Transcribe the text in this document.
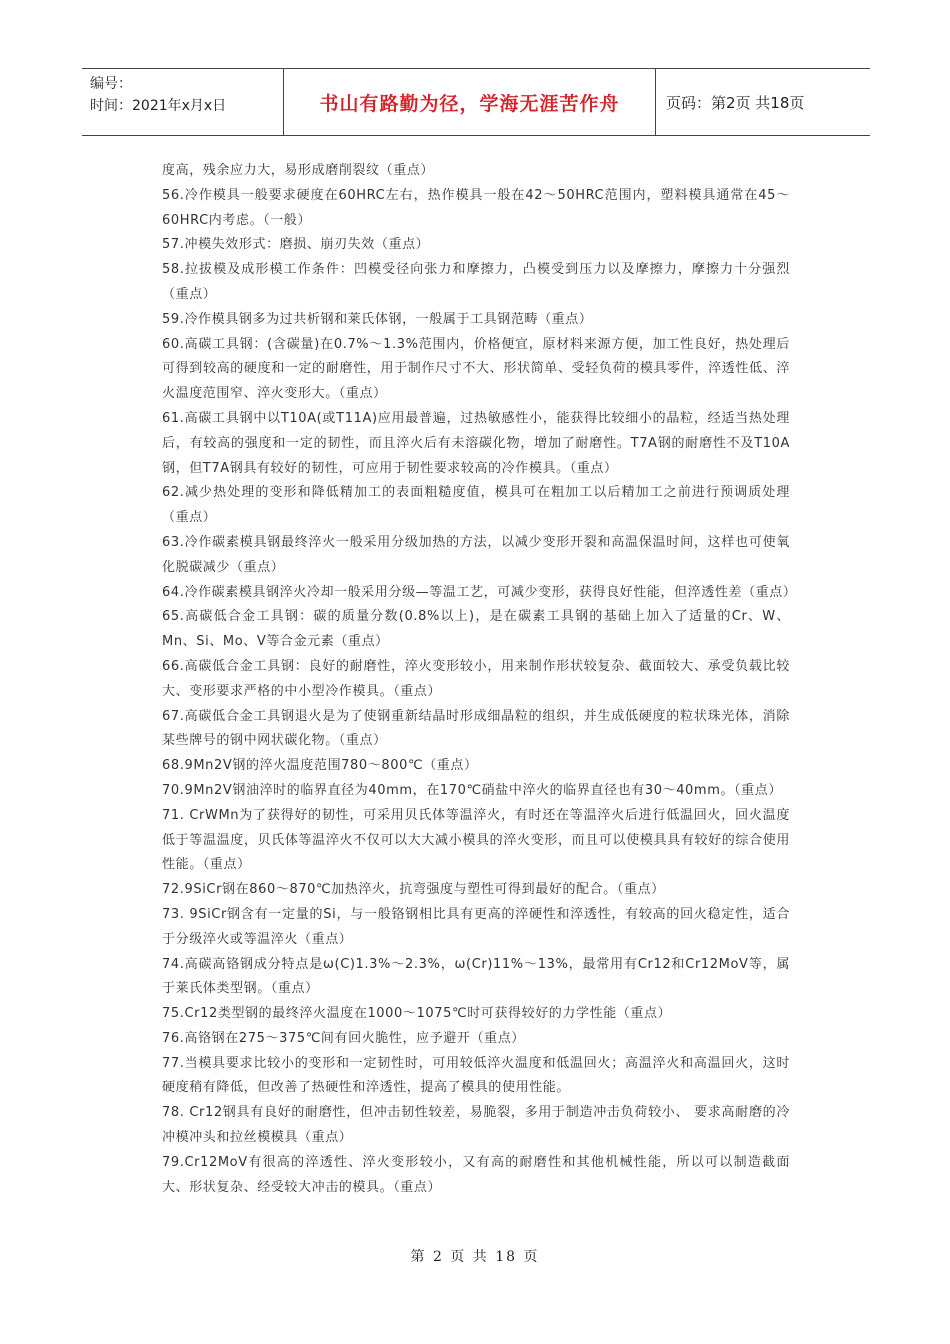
编号：
时间：2021年x月x日	书山有路勤为径，学海无涯苦作舟	页码：第2页 共18页

度高，残余应力大，易形成磨削裂纹（重点）

56.冷作模具一般要求硬度在60HRC左右，热作模具一般在42～50HRC范围内，塑料模具通常在45～60HRC内考虑。（一般）

57.冲模失效形式：磨损、崩刃失效（重点）

58.拉拔模及成形模工作条件：凹模受径向张力和摩擦力，凸模受到压力以及摩擦力，摩擦力十分强烈（重点）

59.冷作模具钢多为过共析钢和莱氏体钢，一般属于工具钢范畴（重点）

60.高碳工具钢：(含碳量)在0.7%～1.3%范围内，价格便宜，原材料来源方便，加工性良好，热处理后可得到较高的硬度和一定的耐磨性，用于制作尺寸不大、形状简单、受轻负荷的模具零件，淬透性低、淬火温度范围窄、淬火变形大。（重点）

61.高碳工具钢中以T10A(或T11A)应用最普遍，过热敏感性小，能获得比较细小的晶粒，经适当热处理后，有较高的强度和一定的韧性，而且淬火后有未溶碳化物，增加了耐磨性。T7A钢的耐磨性不及T10A钢，但T7A钢具有较好的韧性，可应用于韧性要求较高的冷作模具。（重点）

62.减少热处理的变形和降低精加工的表面粗糙度值，模具可在粗加工以后精加工之前进行预调质处理（重点）

63.冷作碳素模具钢最终淬火一般采用分级加热的方法，以减少变形开裂和高温保温时间，这样也可使氧化脱碳减少（重点）

64.冷作碳素模具钢淬火冷却一般采用分级—等温工艺，可减少变形，获得良好性能，但淬透性差（重点）

65.高碳低合金工具钢：碳的质量分数(0.8%以上)，是在碳素工具钢的基础上加入了适量的Cr、W、Mn、Si、Mo、V等合金元素（重点）

66.高碳低合金工具钢：良好的耐磨性，淬火变形较小，用来制作形状较复杂、截面较大、承受负载比较大、变形要求严格的中小型冷作模具。（重点）

67.高碳低合金工具钢退火是为了使钢重新结晶时形成细晶粒的组织，并生成低硬度的粒状珠光体，消除某些牌号的钢中网状碳化物。（重点）

68.9Mn2V钢的淬火温度范围780～800℃（重点）

70.9Mn2V钢油淬时的临界直径为40mm，在170℃硝盐中淬火的临界直径也有30～40mm。（重点）

71. CrWMn为了获得好的韧性，可采用贝氏体等温淬火，有时还在等温淬火后进行低温回火，回火温度低于等温温度，贝氏体等温淬火不仅可以大大减小模具的淬火变形，而且可以使模具具有较好的综合使用性能。（重点）

72.9SiCr钢在860～870℃加热淬火，抗弯强度与塑性可得到最好的配合。（重点）

73. 9SiCr钢含有一定量的Si，与一般铬钢相比具有更高的淬硬性和淬透性，有较高的回火稳定性，适合于分级淬火或等温淬火（重点）

74.高碳高铬钢成分特点是ω(C)1.3%～2.3%，ω(Cr)11%～13%，最常用有Cr12和Cr12MoV等，属于莱氏体类型钢。（重点）

75.Cr12类型钢的最终淬火温度在1000～1075℃时可获得较好的力学性能（重点）

76.高铬钢在275～375℃间有回火脆性，应予避开（重点）

77.当模具要求比较小的变形和一定韧性时，可用较低淬火温度和低温回火；高温淬火和高温回火，这时硬度稍有降低，但改善了热硬性和淬透性，提高了模具的使用性能。

78. Cr12钢具有良好的耐磨性，但冲击韧性较差，易脆裂，多用于制造冲击负荷较小、 要求高耐磨的冷冲模冲头和拉丝模模具（重点）

79.Cr12MoV有很高的淬透性、淬火变形较小，又有高的耐磨性和其他机械性能，所以可以制造截面大、形状复杂、经受较大冲击的模具。（重点）

第 2 页 共 18 页
